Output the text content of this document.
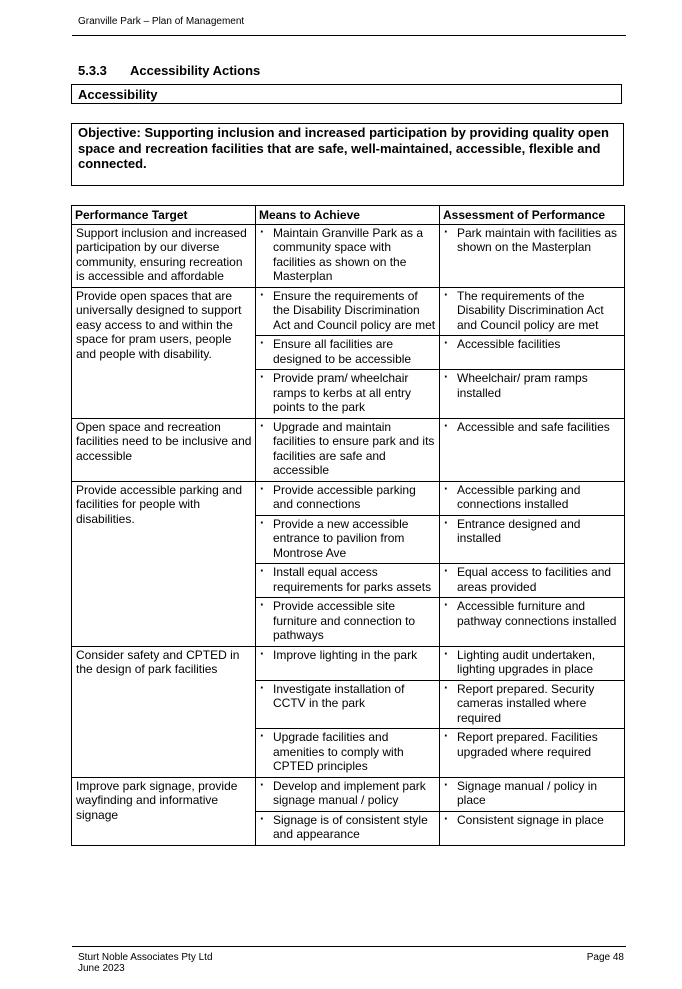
Granville Park – Plan of Management
5.3.3 Accessibility Actions
Accessibility
Objective: Supporting inclusion and increased participation by providing quality open space and recreation facilities that are safe, well-maintained, accessible, flexible and connected.
Performance Target	Means to Achieve	Assessment of Performance
Support inclusion and increased participation by our diverse community, ensuring recreation is accessible and affordable	· Maintain Granville Park as a community space with facilities as shown on the Masterplan	· Park maintain with facilities as shown on the Masterplan
Provide open spaces that are universally designed to support easy access to and within the space for pram users, people and people with disability.	· Ensure the requirements of the Disability Discrimination Act and Council policy are met	· The requirements of the Disability Discrimination Act and Council policy are met
	· Ensure all facilities are designed to be accessible	· Accessible facilities
	· Provide pram/ wheelchair ramps to kerbs at all entry points to the park	· Wheelchair/ pram ramps installed
Open space and recreation facilities need to be inclusive and accessible	· Upgrade and maintain facilities to ensure park and its facilities are safe and accessible	· Accessible and safe facilities
Provide accessible parking and facilities for people with disabilities.	· Provide accessible parking and connections	· Accessible parking and connections installed
	· Provide a new accessible entrance to pavilion from Montrose Ave	· Entrance designed and installed
	· Install equal access requirements for parks assets	· Equal access to facilities and areas provided
	· Provide accessible site furniture and connection to pathways	· Accessible furniture and pathway connections installed
Consider safety and CPTED in the design of park facilities	· Improve lighting in the park	· Lighting audit undertaken, lighting upgrades in place
	· Investigate installation of CCTV in the park	· Report prepared. Security cameras installed where required
	· Upgrade facilities and amenities to comply with CPTED principles	· Report prepared. Facilities upgraded where required
Improve park signage, provide wayfinding and informative signage	· Develop and implement park signage manual / policy	· Signage manual / policy in place
	· Signage is of consistent style and appearance	· Consistent signage in place
Sturt Noble Associates Pty Ltd
June 2023
Page 48
